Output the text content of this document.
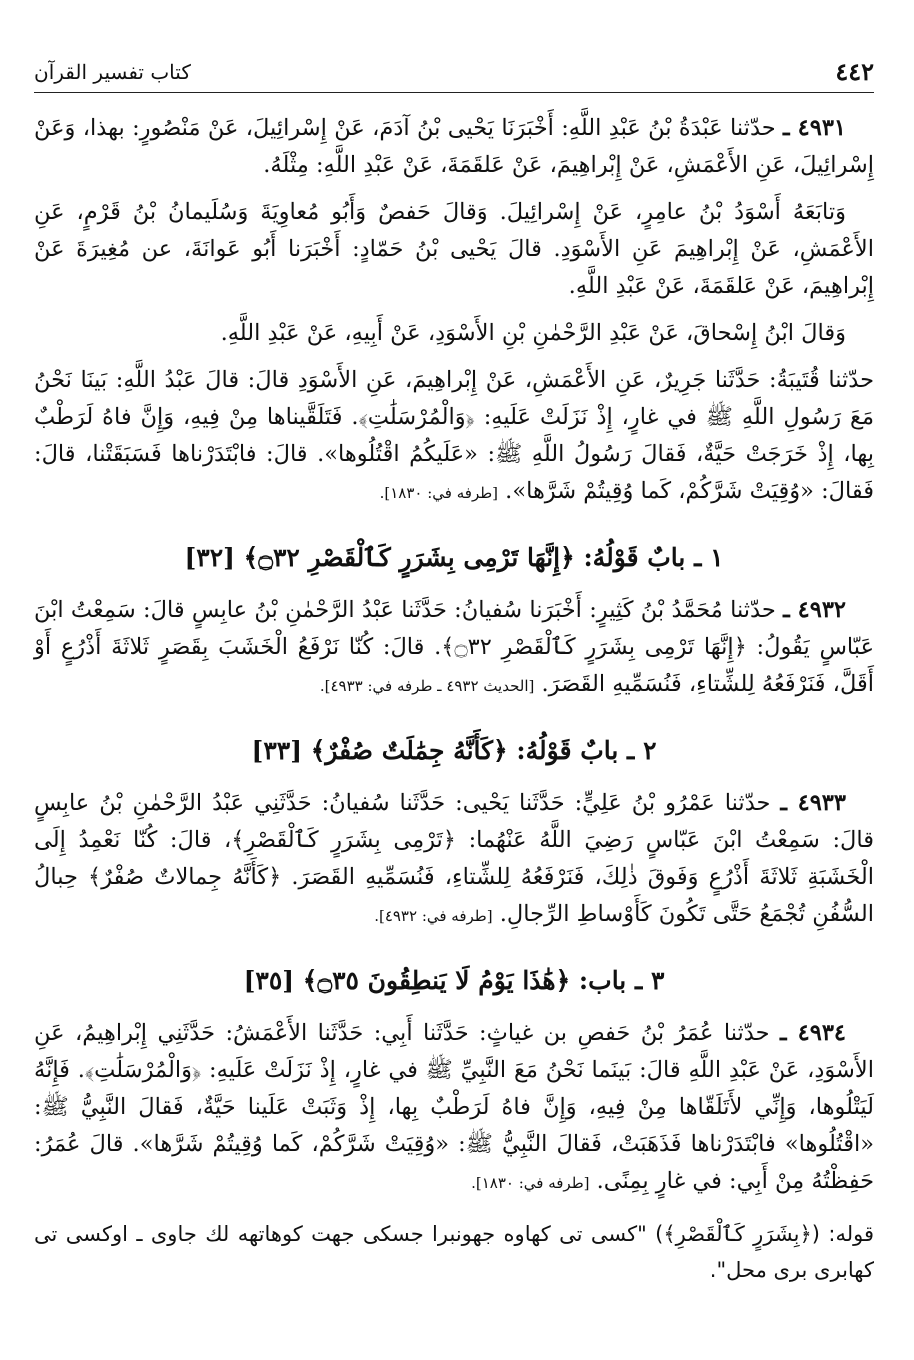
كتاب تفسير القرآن	٤٤٢

٤٩٣١ ـ حدّثنا عَبْدَةُ بْنُ عَبْدِ اللَّهِ: أَخْبَرَنَا يَحْيى بْنُ آدَمَ، عَنْ إِسْرائِيلَ، عَنْ مَنْصُورٍ: بهذا، وَعَنْ إِسْرائِيلَ، عَنِ الأَعْمَشِ، عَنْ إِبْراهِيمَ، عَنْ عَلقَمَةَ، عَنْ عَبْدِ اللَّهِ: مِثْلَهُ.

وَتابَعَهُ أَسْوَدُ بْنُ عامِرٍ، عَنْ إِسْرائِيلَ. وَقالَ حَفصٌ وَأَبُو مُعاوِيَةَ وَسُلَيمانُ بْنُ قَرْمٍ، عَنِ الأَعْمَشِ، عَنْ إِبْراهِيمَ عَنِ الأَسْوَدِ. قالَ يَحْيى بْنُ حَمّادٍ: أَخْبَرَنا أَبُو عَوانَةَ، عن مُغِيرَةَ عَنْ إِبْراهِيمَ، عَنْ عَلقَمَةَ، عَنْ عَبْدِ اللَّهِ.

وَقالَ ابْنُ إِسْحاقَ، عَنْ عَبْدِ الرَّحْمٰنِ بْنِ الأَسْوَدِ، عَنْ أَبِيهِ، عَنْ عَبْدِ اللَّهِ.

حدّثنا قُتَيبَةُ: حَدَّثَنا جَرِيرٌ، عَنِ الأَعْمَشِ، عَنْ إِبْراهِيمَ، عَنِ الأَسْوَدِ قالَ: قالَ عَبْدُ اللَّهِ: بَينَا نَحْنُ مَعَ رَسُولِ اللَّهِ ﷺ في غارٍ، إِذْ نَزَلَتْ عَلَيهِ: ﴿وَالْمُرْسَلَٰتِ﴾. فَتَلَقَّيناها مِنْ فِيهِ، وَإِنَّ فاهُ لَرَطْبٌ بِها، إِذْ خَرَجَتْ حَيَّةٌ، فَقالَ رَسُولُ اللَّهِ ﷺ: «عَلَيكُمُ اقْتُلُوها». قالَ: فابْتَدَرْناها فَسَبَقَتْنا، قالَ: فَقالَ: «وُقِيَتْ شَرَّكُمْ، كَما وُقِيتُمْ شَرَّها». [طرفه في: ١٨٣٠].

١ ـ بابٌ قَوْلُهُ: ﴿إِنَّهَا تَرْمِى بِشَرَرٍ كَٱلْقَصْرِ ۝٣٢﴾ [٣٢]

٤٩٣٢ ـ حدّثنا مُحَمَّدُ بْنُ كَثِيرٍ: أَخْبَرَنا سُفيانُ: حَدَّثَنا عَبْدُ الرَّحْمٰنِ بْنُ عابِسٍ قالَ: سَمِعْتُ ابْنَ عَبّاسٍ يَقُولُ: ﴿إِنَّهَا تَرْمِى بِشَرَرٍ كَٱلْقَصْرِ ۝٣٢﴾. قالَ: كُنّا نَرْفَعُ الْخَشَبَ بِقَصَرٍ ثَلاثَةَ أَذْرُعٍ أَوْ أَقَلَّ، فَنَرْفَعُهُ لِلشِّتاءِ، فَنُسَمِّيهِ القَصَرَ. [الحديث ٤٩٣٢ ـ طرفه في: ٤٩٣٣].

٢ ـ بابٌ قَوْلُهُ: ﴿كَأَنَّهُ جِمَٰلَتٌ صُفْرٌ﴾ [٣٣]

٤٩٣٣ ـ حدّثنا عَمْرُو بْنُ عَلِيٍّ: حَدَّثَنا يَحْيى: حَدَّثَنا سُفيانُ: حَدَّثَنِي عَبْدُ الرَّحْمٰنِ بْنُ عابِسٍ قالَ: سَمِعْتُ ابْنَ عَبّاسٍ رَضِيَ اللَّهُ عَنْهُما: ﴿تَرْمِى بِشَرَرٍ كَٱلْقَصْرِ﴾، قالَ: كُنّا نَعْمِدُ إِلَى الْخَشَبَةِ ثَلاثَةَ أَذْرُعٍ وَفَوقَ ذٰلِكَ، فَنَرْفَعُهُ لِلشِّتاءِ، فَنُسَمِّيهِ القَصَرَ. ﴿كَأَنَّهُ جِمالاتٌ صُفْرٌ﴾ حِبالُ السُّفُنِ تُجْمَعُ حَتَّى تَكُونَ كَأَوْساطِ الرِّجالِ. [طرفه في: ٤٩٣٢].

٣ ـ باب: ﴿هَٰذَا يَوْمُ لَا يَنطِقُونَ ۝٣٥﴾ [٣٥]

٤٩٣٤ ـ حدّثنا عُمَرُ بْنُ حَفصِ بن غياثٍ: حَدَّثَنا أَبِي: حَدَّثَنا الأَعْمَشُ: حَدَّثَنِي إِبْراهِيمُ، عَنِ الأَسْوَدِ، عَنْ عَبْدِ اللَّهِ قالَ: بَينَما نَحْنُ مَعَ النَّبِيِّ ﷺ في غارٍ، إِذْ نَزَلَتْ عَلَيهِ: ﴿وَالْمُرْسَلَٰتِ﴾. فَإِنَّهُ لَيَتْلُوها، وَإِنِّي لأَتَلَقّاها مِنْ فِيهِ، وَإِنَّ فاهُ لَرَطْبٌ بِها، إِذْ وَثَبَتْ عَلَينا حَيَّةٌ، فَقالَ النَّبِيُّ ﷺ: «اقْتُلُوها» فابْتَدَرْناها فَذَهَبَتْ، فَقالَ النَّبِيُّ ﷺ: «وُقِيَتْ شَرَّكُمْ، كَما وُقِيتُمْ شَرَّها». قالَ عُمَرُ: حَفِظْتُهُ مِنْ أَبِي: في غارٍ بِمِنًى. [طرفه في: ١٨٣٠].

قوله: (﴿بِشَرَرٍ كَٱلْقَصْرِ﴾) "كسى تى كهاوه جهونبرا جسكى جهت كوهاتهه لك جاوى ـ اوكسى تى كهابرى برى محل".
